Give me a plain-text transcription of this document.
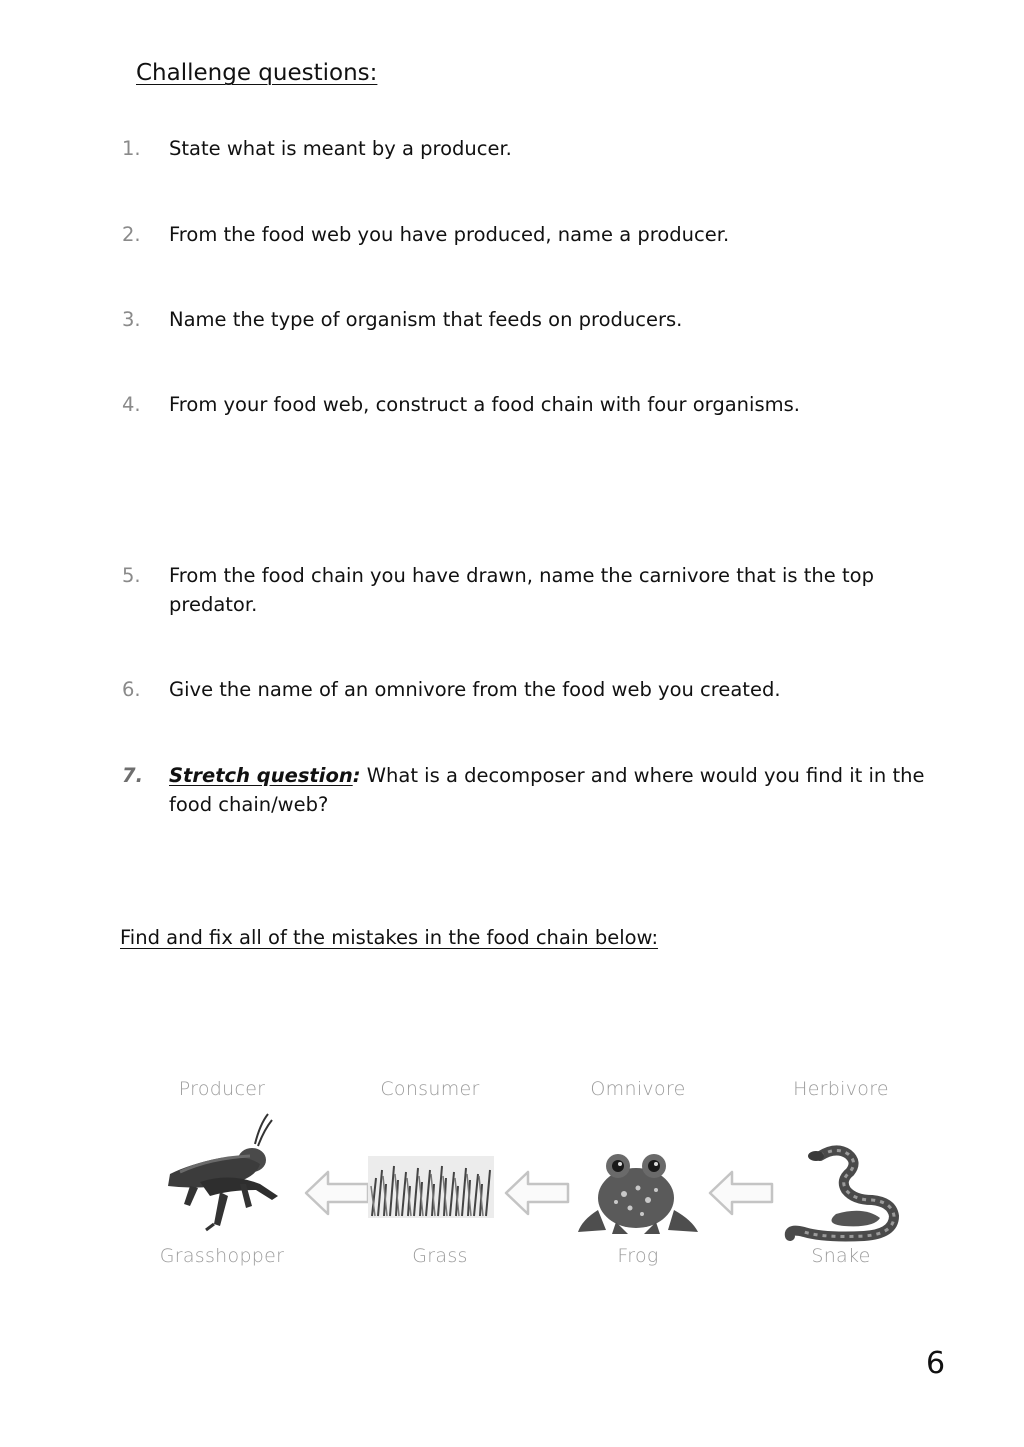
Challenge questions:
1.	State what is meant by a producer.
2.	From the food web you have produced, name a producer.
3.	Name the type of organism that feeds on producers.
4.	From your food web, construct a food chain with four organisms.
5.	From the food chain you have drawn, name the carnivore that is the top predator.
6.	Give the name of an omnivore from the food web you created.
7.	Stretch question: What is a decomposer and where would you find it in the food chain/web?
Find and fix all of the mistakes in the food chain below:
Producer	Consumer	Omnivore	Herbivore
Grasshopper	Grass	Frog	Snake
6
